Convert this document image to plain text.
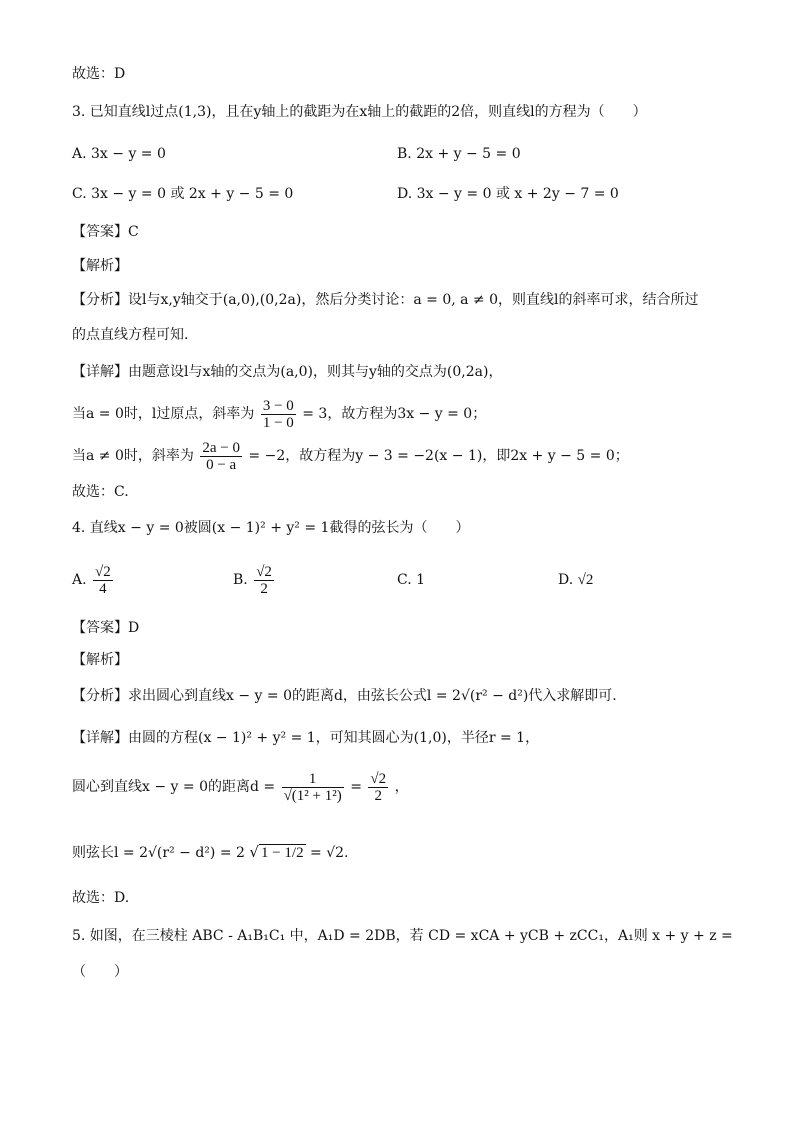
故选：D
3. 已知直线l过点(1,3)，且在y轴上的截距为在x轴上的截距的2倍，则直线l的方程为（　　）
A. 3x − y = 0	B. 2x + y − 5 = 0
C. 3x − y = 0 或 2x + y − 5 = 0	D. 3x − y = 0 或 x + 2y − 7 = 0
【答案】C
【解析】
【分析】设l与x,y轴交于(a,0),(0,2a)，然后分类讨论：a = 0, a ≠ 0，则直线l的斜率可求，结合所过
的点直线方程可知.
【详解】由题意设l与x轴的交点为(a,0)，则其与y轴的交点为(0,2a)，
当a = 0时，l过原点，斜率为 $\frac{3 - 0}{1 - 0} = 3$，故方程为3x − y = 0；
当a ≠ 0时，斜率为 $\frac{2a - 0}{0 - a} = -2$，故方程为y − 3 = −2(x − 1)，即2x + y − 5 = 0；
故选：C.
4. 直线x − y = 0被圆(x − 1)² + y² = 1截得的弦长为（　　）
A. $\frac{√2}{4}$	B. $\frac{√2}{2}$	C. 1	D. √2
【答案】D
【解析】
【分析】求出圆心到直线x − y = 0的距离d，由弦长公式l = 2√(r² − d²)代入求解即可.
【详解】由圆的方程(x − 1)² + y² = 1，可知其圆心为(1,0)，半径r = 1，
圆心到直线x − y = 0的距离$d = \frac{1}{\text{√(1² + 1²)}} = \frac{√2}{2}$ ，
则弦长l = 2√(r² − d²) = 2 √ 1 − 1/2 = √2.
故选：D.
5. 如图，在三棱柱 ABC - A₁B₁C₁ 中，A₁D = 2DB，若 CD = xCA + yCB + zCC₁，A₁则 x + y + z =
（　　）
